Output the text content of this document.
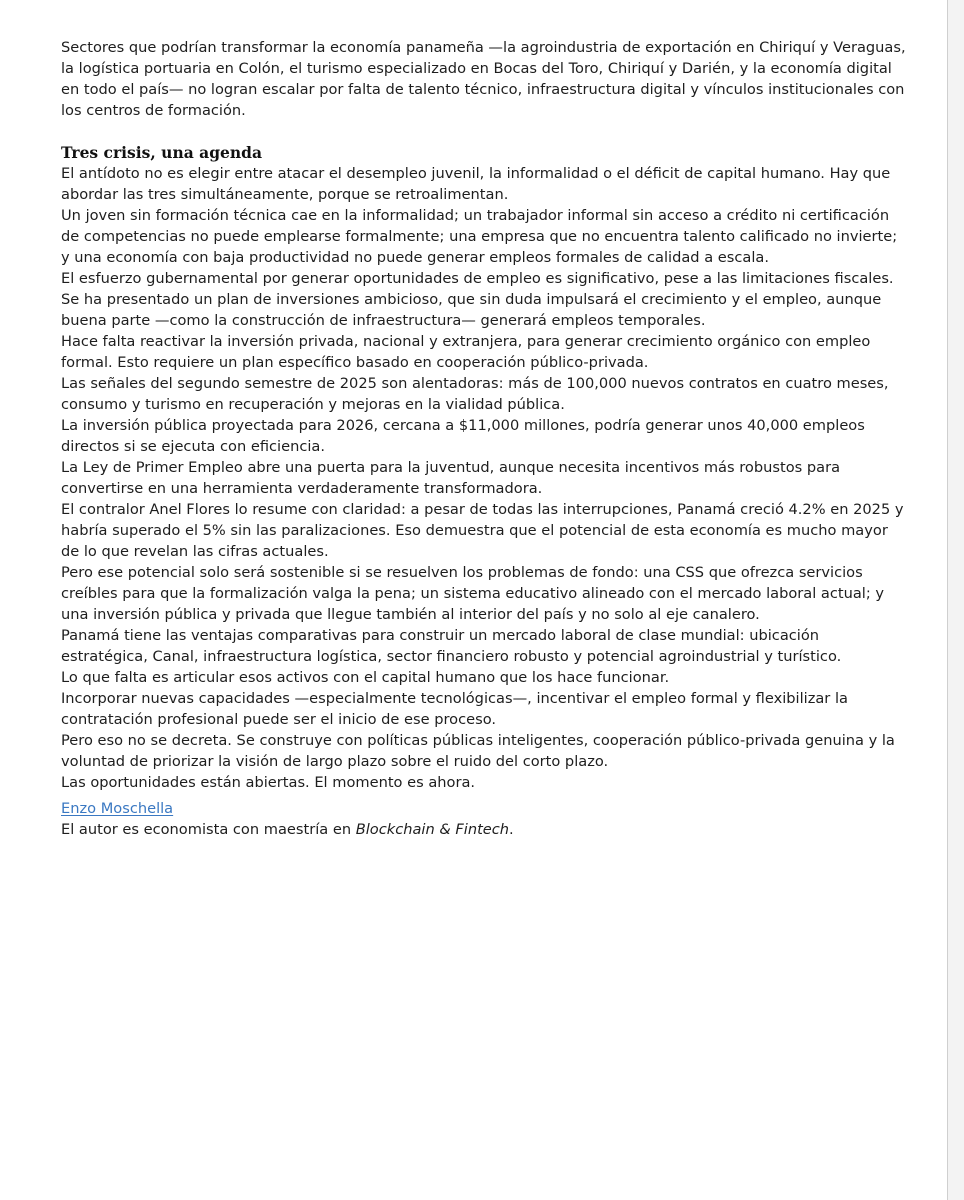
Sectores que podrían transformar la economía panameña —la agroindustria de exportación en Chiriquí y Veraguas, la logística portuaria en Colón, el turismo especializado en Bocas del Toro, Chiriquí y Darién, y la economía digital en todo el país— no logran escalar por falta de talento técnico, infraestructura digital y vínculos institucionales con los centros de formación.

Tres crisis, una agenda

El antídoto no es elegir entre atacar el desempleo juvenil, la informalidad o el déficit de capital humano. Hay que abordar las tres simultáneamente, porque se retroalimentan.

Un joven sin formación técnica cae en la informalidad; un trabajador informal sin acceso a crédito ni certificación de competencias no puede emplearse formalmente; una empresa que no encuentra talento calificado no invierte; y una economía con baja productividad no puede generar empleos formales de calidad a escala.

El esfuerzo gubernamental por generar oportunidades de empleo es significativo, pese a las limitaciones fiscales.

Se ha presentado un plan de inversiones ambicioso, que sin duda impulsará el crecimiento y el empleo, aunque buena parte —como la construcción de infraestructura— generará empleos temporales.

Hace falta reactivar la inversión privada, nacional y extranjera, para generar crecimiento orgánico con empleo formal. Esto requiere un plan específico basado en cooperación público-privada.

Las señales del segundo semestre de 2025 son alentadoras: más de 100,000 nuevos contratos en cuatro meses, consumo y turismo en recuperación y mejoras en la vialidad pública.

La inversión pública proyectada para 2026, cercana a $11,000 millones, podría generar unos 40,000 empleos directos si se ejecuta con eficiencia.

La Ley de Primer Empleo abre una puerta para la juventud, aunque necesita incentivos más robustos para convertirse en una herramienta verdaderamente transformadora.

El contralor Anel Flores lo resume con claridad: a pesar de todas las interrupciones, Panamá creció 4.2% en 2025 y habría superado el 5% sin las paralizaciones. Eso demuestra que el potencial de esta economía es mucho mayor de lo que revelan las cifras actuales.

Pero ese potencial solo será sostenible si se resuelven los problemas de fondo: una CSS que ofrezca servicios creíbles para que la formalización valga la pena; un sistema educativo alineado con el mercado laboral actual; y una inversión pública y privada que llegue también al interior del país y no solo al eje canalero.

Panamá tiene las ventajas comparativas para construir un mercado laboral de clase mundial: ubicación estratégica, Canal, infraestructura logística, sector financiero robusto y potencial agroindustrial y turístico.

Lo que falta es articular esos activos con el capital humano que los hace funcionar.

Incorporar nuevas capacidades —especialmente tecnológicas—, incentivar el empleo formal y flexibilizar la contratación profesional puede ser el inicio de ese proceso.

Pero eso no se decreta. Se construye con políticas públicas inteligentes, cooperación público-privada genuina y la voluntad de priorizar la visión de largo plazo sobre el ruido del corto plazo.

Las oportunidades están abiertas. El momento es ahora.

Enzo Moschella

El autor es economista con maestría en Blockchain & Fintech.
